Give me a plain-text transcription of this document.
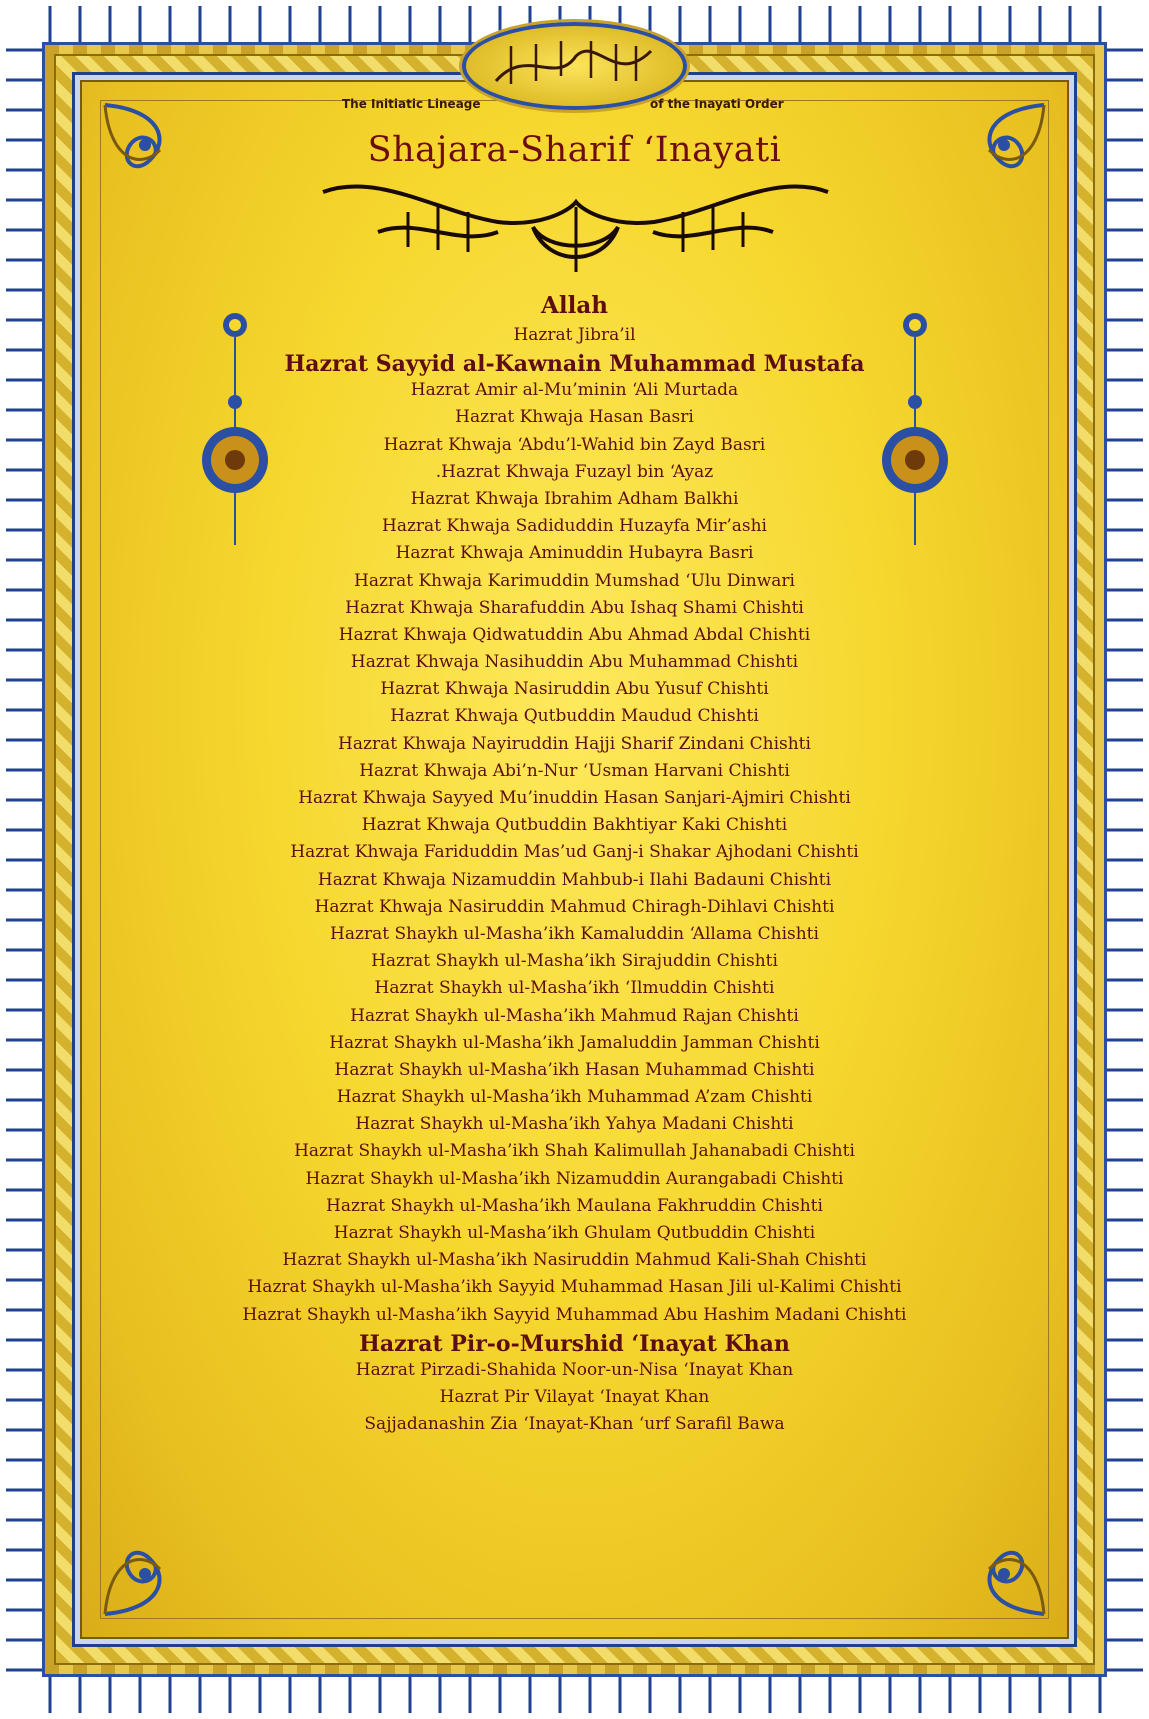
The Initiatic Lineage	of the Inayati Order
Shajara-Sharif ‘Inayati
Allah
Hazrat Jibra’il
Hazrat Sayyid al-Kawnain Muhammad Mustafa
Hazrat Amir al-Mu’minin ‘Ali Murtada
Hazrat Khwaja Hasan Basri
Hazrat Khwaja ‘Abdu’l-Wahid bin Zayd Basri
.Hazrat Khwaja Fuzayl bin ‘Ayaz
Hazrat Khwaja Ibrahim Adham Balkhi
Hazrat Khwaja Sadiduddin Huzayfa Mir’ashi
Hazrat Khwaja Aminuddin Hubayra Basri
Hazrat Khwaja Karimuddin Mumshad ‘Ulu Dinwari
Hazrat Khwaja Sharafuddin Abu Ishaq Shami Chishti
Hazrat Khwaja Qidwatuddin Abu Ahmad Abdal Chishti
Hazrat Khwaja Nasihuddin Abu Muhammad Chishti
Hazrat Khwaja Nasiruddin Abu Yusuf Chishti
Hazrat Khwaja Qutbuddin Maudud Chishti
Hazrat Khwaja Nayiruddin Hajji Sharif Zindani Chishti
Hazrat Khwaja Abi’n-Nur ‘Usman Harvani Chishti
Hazrat Khwaja Sayyed Mu’inuddin Hasan Sanjari-Ajmiri Chishti
Hazrat Khwaja Qutbuddin Bakhtiyar Kaki Chishti
Hazrat Khwaja Fariduddin Mas’ud Ganj-i Shakar Ajhodani Chishti
Hazrat Khwaja Nizamuddin Mahbub-i Ilahi Badauni Chishti
Hazrat Khwaja Nasiruddin Mahmud Chiragh-Dihlavi Chishti
Hazrat Shaykh ul-Masha’ikh Kamaluddin ‘Allama Chishti
Hazrat Shaykh ul-Masha’ikh Sirajuddin Chishti
Hazrat Shaykh ul-Masha’ikh ‘Ilmuddin Chishti
Hazrat Shaykh ul-Masha’ikh Mahmud Rajan Chishti
Hazrat Shaykh ul-Masha’ikh Jamaluddin Jamman Chishti
Hazrat Shaykh ul-Masha’ikh Hasan Muhammad Chishti
Hazrat Shaykh ul-Masha’ikh Muhammad A’zam Chishti
Hazrat Shaykh ul-Masha’ikh Yahya Madani Chishti
Hazrat Shaykh ul-Masha’ikh Shah Kalimullah Jahanabadi Chishti
Hazrat Shaykh ul-Masha’ikh Nizamuddin Aurangabadi Chishti
Hazrat Shaykh ul-Masha’ikh Maulana Fakhruddin Chishti
Hazrat Shaykh ul-Masha’ikh Ghulam Qutbuddin Chishti
Hazrat Shaykh ul-Masha’ikh Nasiruddin Mahmud Kali-Shah Chishti
Hazrat Shaykh ul-Masha’ikh Sayyid Muhammad Hasan Jili ul-Kalimi Chishti
Hazrat Shaykh ul-Masha’ikh Sayyid Muhammad Abu Hashim Madani Chishti
Hazrat Pir-o-Murshid ‘Inayat Khan
Hazrat Pirzadi-Shahida Noor-un-Nisa ‘Inayat Khan
Hazrat Pir Vilayat ‘Inayat Khan
Sajjadanashin Zia ‘Inayat-Khan ‘urf Sarafil Bawa
